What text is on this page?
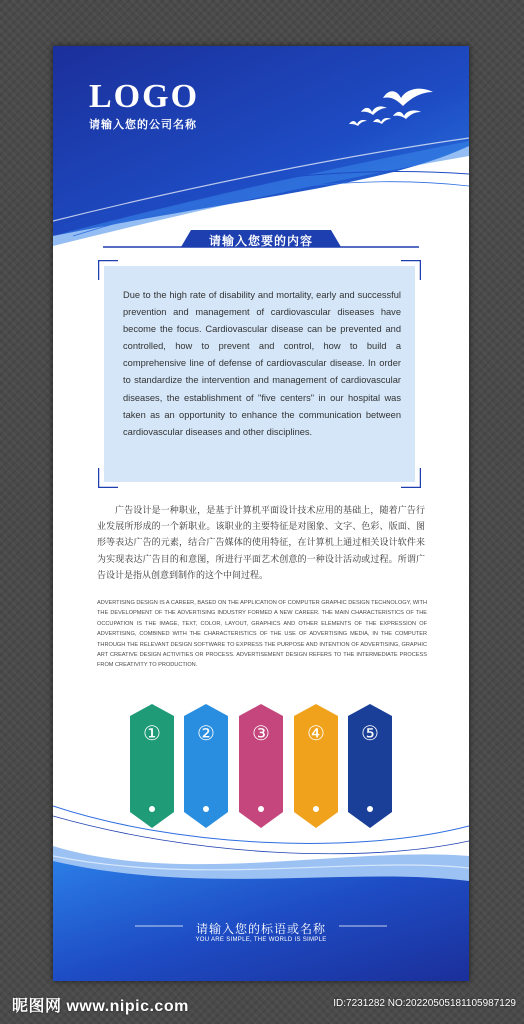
LOGO
请输入您的公司名称
请输入您要的内容
Due to the high rate of disability and mortality, early and successful prevention and management of cardiovascular diseases have become the focus. Cardiovascular disease can be prevented and controlled, how to prevent and control, how to build a comprehensive line of defense of cardiovascular disease. In order to standardize the intervention and management of cardiovascular diseases, the establishment of "five centers" in our hospital was taken as an opportunity to enhance the communication between cardiovascular diseases and other disciplines.
广告设计是一种职业，是基于计算机平面设计技术应用的基础上，随着广告行业发展所形成的一个新职业。该职业的主要特征是对图象、文字、色彩、版面、图形等表达广告的元素，结合广告媒体的使用特征，在计算机上通过相关设计软件来为实现表达广告目的和意图，所进行平面艺术创意的一种设计活动或过程。所谓广告设计是指从创意到制作的这个中间过程。
ADVERTISING DESIGN IS A CAREER, BASED ON THE APPLICATION OF COMPUTER GRAPHIC DESIGN TECHNOLOGY, WITH THE DEVELOPMENT OF THE ADVERTISING INDUSTRY FORMED A NEW CAREER. THE MAIN CHARACTERISTICS OF THE OCCUPATION IS THE IMAGE, TEXT, COLOR, LAYOUT, GRAPHICS AND OTHER ELEMENTS OF THE EXPRESSION OF ADVERTISING, COMBINED WITH THE CHARACTERISTICS OF THE USE OF ADVERTISING MEDIA, IN THE COMPUTER THROUGH THE RELEVANT DESIGN SOFTWARE TO EXPRESS THE PURPOSE AND INTENTION OF ADVERTISING, GRAPHIC ART CREATIVE DESIGN ACTIVITIES OR PROCESS. ADVERTISEMENT DESIGN REFERS TO THE INTERMEDIATE PROCESS FROM CREATIVITY TO PRODUCTION.
①	②	③	④	⑤
请输入您的标语或名称
YOU ARE SIMPLE, THE WORLD IS SIMPLE
昵图网 www.nipic.com	ID:7231282 NO:20220505181105987129
